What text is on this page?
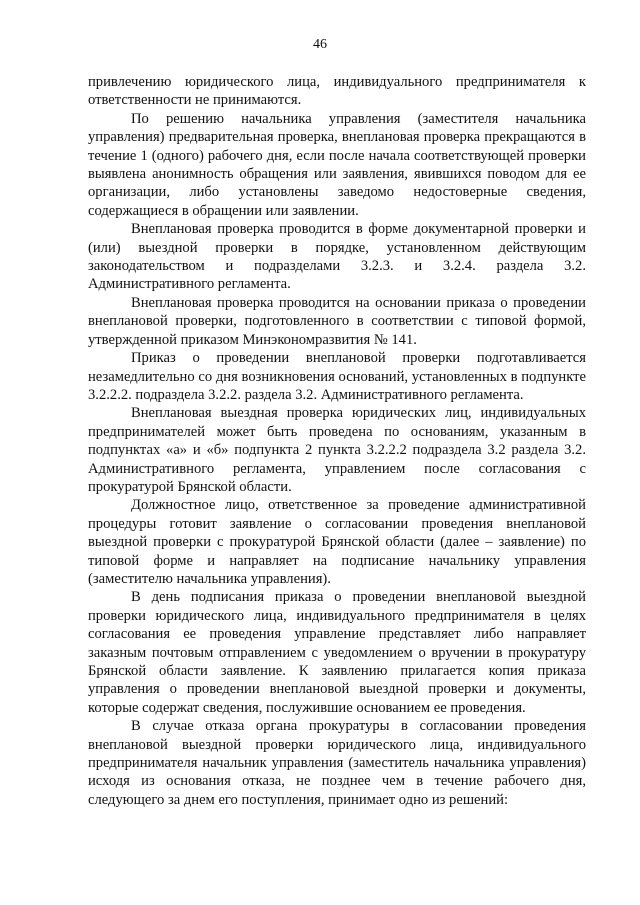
46

привлечению юридического лица, индивидуального предпринимателя к ответственности не принимаются.

По решению начальника управления (заместителя начальника управления) предварительная проверка, внеплановая проверка прекращаются в течение 1 (одного) рабочего дня, если после начала соответствующей проверки выявлена анонимность обращения или заявления, явившихся поводом для ее организации, либо установлены заведомо недостоверные сведения, содержащиеся в обращении или заявлении.

Внеплановая проверка проводится в форме документарной проверки и (или) выездной проверки в порядке, установленном действующим законодательством и подразделами 3.2.3. и 3.2.4. раздела 3.2. Административного регламента.

Внеплановая проверка проводится на основании приказа о проведении внеплановой проверки, подготовленного в соответствии с типовой формой, утвержденной приказом Минэкономразвития № 141.

Приказ о проведении внеплановой проверки подготавливается незамедлительно со дня возникновения оснований, установленных в подпункте 3.2.2.2. подраздела 3.2.2. раздела 3.2. Административного регламента.

Внеплановая выездная проверка юридических лиц, индивидуальных предпринимателей может быть проведена по основаниям, указанным в подпунктах «а» и «б» подпункта 2 пункта 3.2.2.2 подраздела 3.2 раздела 3.2. Административного регламента, управлением после согласования с прокуратурой Брянской области.

Должностное лицо, ответственное за проведение административной процедуры готовит заявление о согласовании проведения внеплановой выездной проверки с прокуратурой Брянской области (далее – заявление) по типовой форме и направляет на подписание начальнику управления (заместителю начальника управления).

В день подписания приказа о проведении внеплановой выездной проверки юридического лица, индивидуального предпринимателя в целях согласования ее проведения управление представляет либо направляет заказным почтовым отправлением с уведомлением о вручении в прокуратуру Брянской области заявление. К заявлению прилагается копия приказа управления о проведении внеплановой выездной проверки и документы, которые содержат сведения, послужившие основанием ее проведения.

В случае отказа органа прокуратуры в согласовании проведения внеплановой выездной проверки юридического лица, индивидуального предпринимателя начальник управления (заместитель начальника управления) исходя из основания отказа, не позднее чем в течение рабочего дня, следующего за днем его поступления, принимает одно из решений:
